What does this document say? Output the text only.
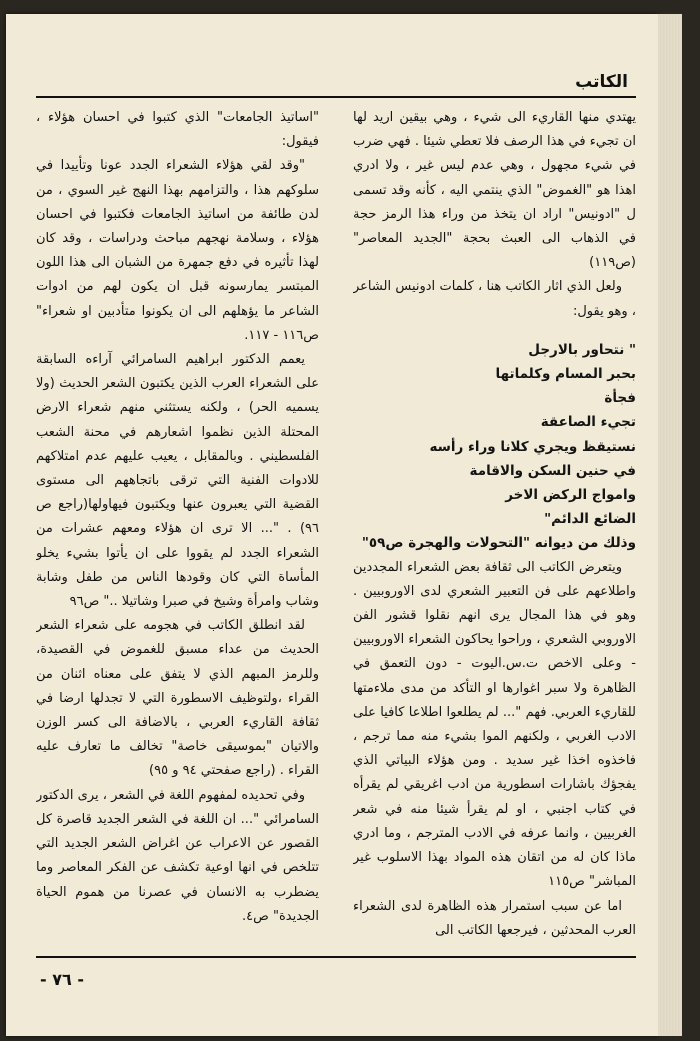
الكاتب

يهتدي منها القاريء الى شيء ، وهي بيقين اريد لها ان تجيء في هذا الرصف فلا تعطي شيئا . فهي ضرب في شيء مجهول ، وهي عدم ليس غير ، ولا ادري اهذا هو "الغموض" الذي ينتمي اليه ، كأنه وقد تسمى ل "ادونيس" اراد ان يتخذ من وراء هذا الرمز حجة في الذهاب الى العبث بحجة "الجديد المعاصر" (ص١١٩)

ولعل الذي اثار الكاتب هنا ، كلمات ادونيس الشاعر ، وهو يقول:

" نتحاور بالارجل

بحبر المسام وكلماتها

فجأة

تجيء الصاعقة

نستيقظ ويجري كلانا وراء رأسه

في حنين السكن والاقامة

وامواج الركض الاخر

الضائع الدائم"

وذلك من ديوانه "التحولات والهجرة ص٥٩"

ويتعرض الكاتب الى ثقافة بعض الشعراء المجددين واطلاعهم على فن التعبير الشعري لدى الاوروبيين . وهو في هذا المجال يرى انهم نقلوا قشور الفن الاوروبي الشعري ، وراحوا يحاكون الشعراء الاوروبيين - وعلى الاخص ت.س.اليوت - دون التعمق في الظاهرة ولا سبر اغوارها او التأكد من مدى ملاءمتها للقاريء العربي. فهم "... لم يطلعوا اطلاعا كافيا على الادب الغربي ، ولكنهم الموا بشيء منه مما ترجم ، فاخذوه اخذا غير سديد . ومن هؤلاء البياتي الذي يفجؤك باشارات اسطورية من ادب اغريقي لم يقرأه في كتاب اجنبي ، او لم يقرأ شيئا منه في شعر الغربيين ، وانما عرفه في الادب المترجم ، وما ادري ماذا كان له من اتقان هذه المواد بهذا الاسلوب غير المباشر" ص١١٥

اما عن سبب استمرار هذه الظاهرة لدى الشعراء العرب المحدثين ، فيرجعها الكاتب الى

"اساتيذ الجامعات" الذي كتبوا في احسان هؤلاء ، فيقول:

"وقد لقي هؤلاء الشعراء الجدد عونا وتأييدا في سلوكهم هذا ، والتزامهم بهذا النهج غير السوي ، من لدن طائفة من اساتيذ الجامعات فكتبوا في احسان هؤلاء ، وسلامة نهجهم مباحث ودراسات ، وقد كان لهذا تأثيره في دفع جمهرة من الشبان الى هذا اللون المبتسر يمارسونه قبل ان يكون لهم من ادوات الشاعر ما يؤهلهم الى ان يكونوا متأدبين او شعراء" ص١١٦ - ١١٧.

يعمم الدكتور ابراهيم السامرائي آراءه السابقة على الشعراء العرب الذين يكتبون الشعر الحديث (ولا يسميه الحر) ، ولكنه يستثني منهم شعراء الارض المحتلة الذين نظموا اشعارهم في محنة الشعب الفلسطيني . وبالمقابل ، يعيب عليهم عدم امتلاكهم للادوات الفنية التي ترقى باتجاههم الى مستوى القضية التي يعبرون عنها ويكتبون فيهاولها(راجع ص ٩٦) . "... الا ترى ان هؤلاء ومعهم عشرات من الشعراء الجدد لم يقووا على ان يأتوا بشيء يخلو المأساة التي كان وقودها الناس من طفل وشابة وشاب وامرأة وشيخ في صبرا وشاتيلا .." ص٩٦

لقد انطلق الكاتب في هجومه على شعراء الشعر الحديث من عداء مسبق للغموض في القصيدة، وللرمز المبهم الذي لا يتفق على معناه اثنان من القراء ،ولتوظيف الاسطورة التي لا تجدلها ارضا في ثقافة القاريء العربي ، بالاضافة الى كسر الوزن والاتيان "بموسيقى خاصة" تخالف ما تعارف عليه القراء . (راجع صفحتي ٩٤ و ٩٥)

وفي تحديده لمفهوم اللغة في الشعر ، يرى الدكتور السامرائي "... ان اللغة في الشعر الجديد قاصرة كل القصور عن الاعراب عن اغراض الشعر الجديد التي تتلخص في انها اوعية تكشف عن الفكر المعاصر وما يضطرب به الانسان في عصرنا من هموم الحياة الجديدة" ص٤.

- ٧٦ -
